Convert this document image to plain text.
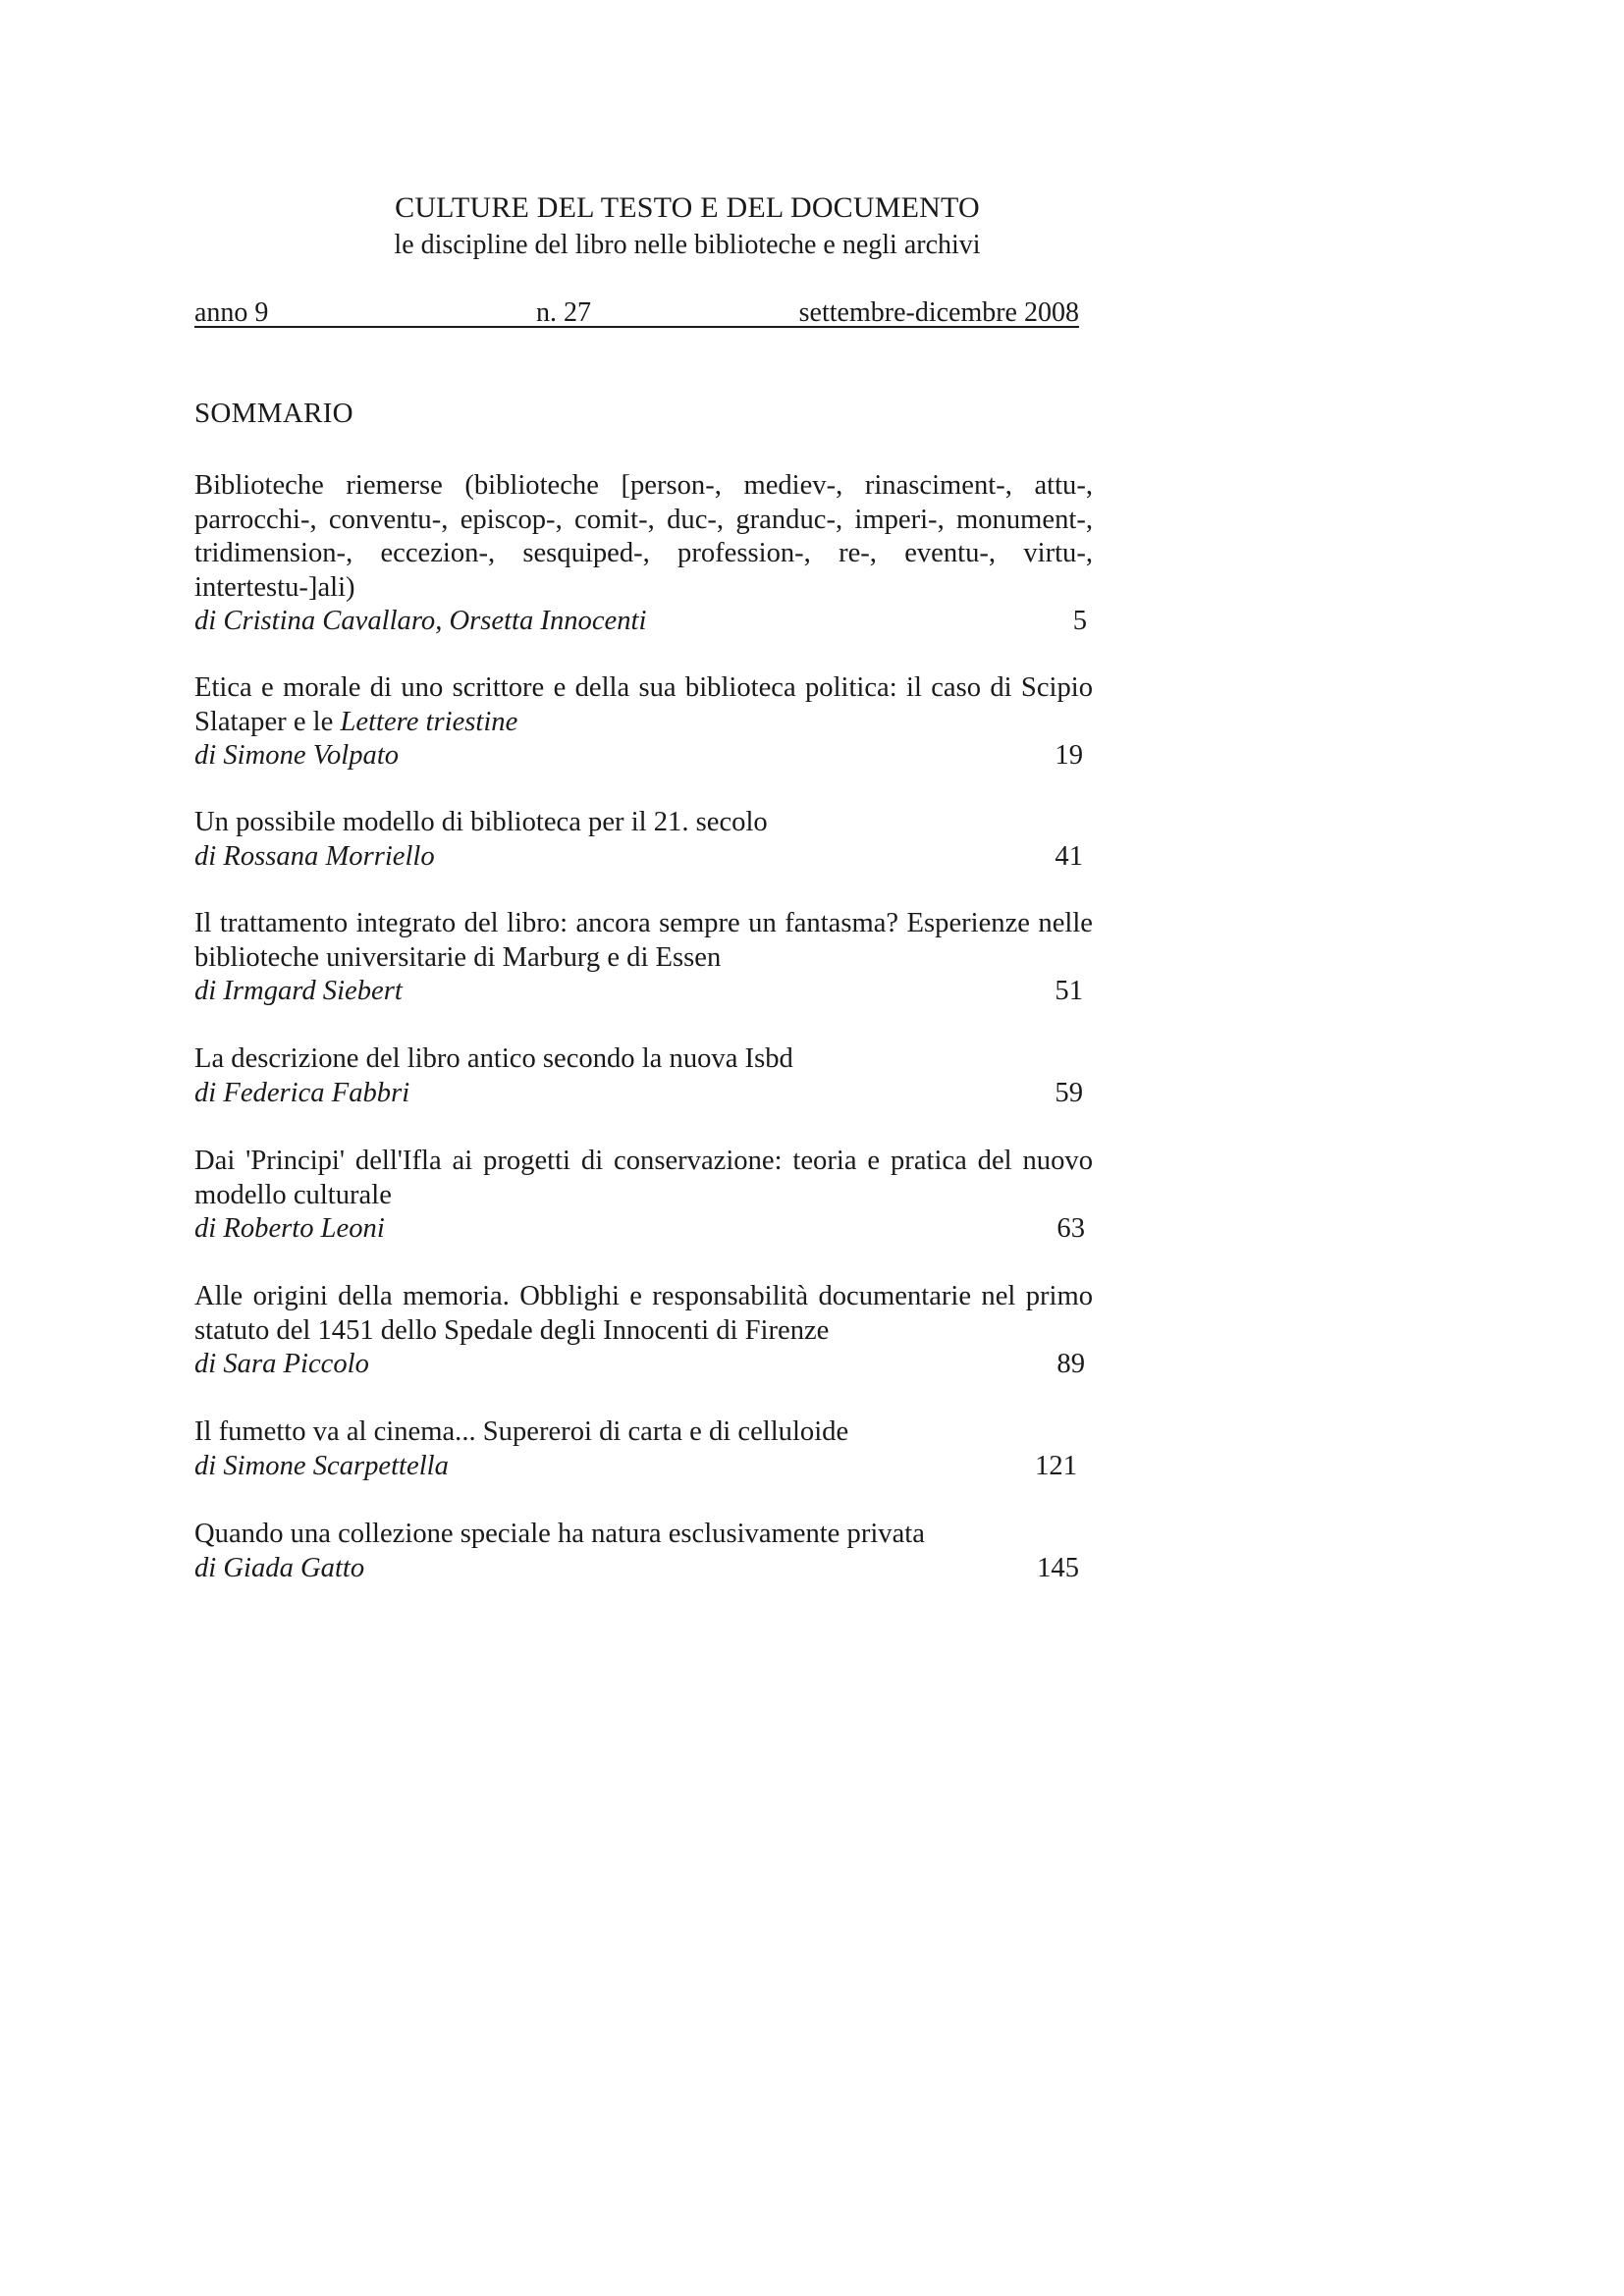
CULTURE DEL TESTO E DEL DOCUMENTO
le discipline del libro nelle biblioteche e negli archivi
anno 9	n. 27	settembre-dicembre 2008
SOMMARIO
Biblioteche riemerse (biblioteche [person-, mediev-, rinasciment-, attu-, parrocchi-, conventu-, episcop-, comit-, duc-, granduc-, imperi-, monument-, tridimension-, eccezion-, sesquiped-, profession-, re-, eventu-, virtu-, intertestu-]ali)
di Cristina Cavallaro, Orsetta Innocenti	5
Etica e morale di uno scrittore e della sua biblioteca politica: il caso di Scipio Slataper e le Lettere triestine
di Simone Volpato	19
Un possibile modello di biblioteca per il 21. secolo
di Rossana Morriello	41
Il trattamento integrato del libro: ancora sempre un fantasma? Esperienze nelle biblioteche universitarie di Marburg e di Essen
di Irmgard Siebert	51
La descrizione del libro antico secondo la nuova Isbd
di Federica Fabbri	59
Dai 'Principi' dell'Ifla ai progetti di conservazione: teoria e pratica del nuovo modello culturale
di Roberto Leoni	63
Alle origini della memoria. Obblighi e responsabilità documentarie nel primo statuto del 1451 dello Spedale degli Innocenti di Firenze
di Sara Piccolo	89
Il fumetto va al cinema... Supereroi di carta e di celluloide
di Simone Scarpettella	121
Quando una collezione speciale ha natura esclusivamente privata
di Giada Gatto	145
